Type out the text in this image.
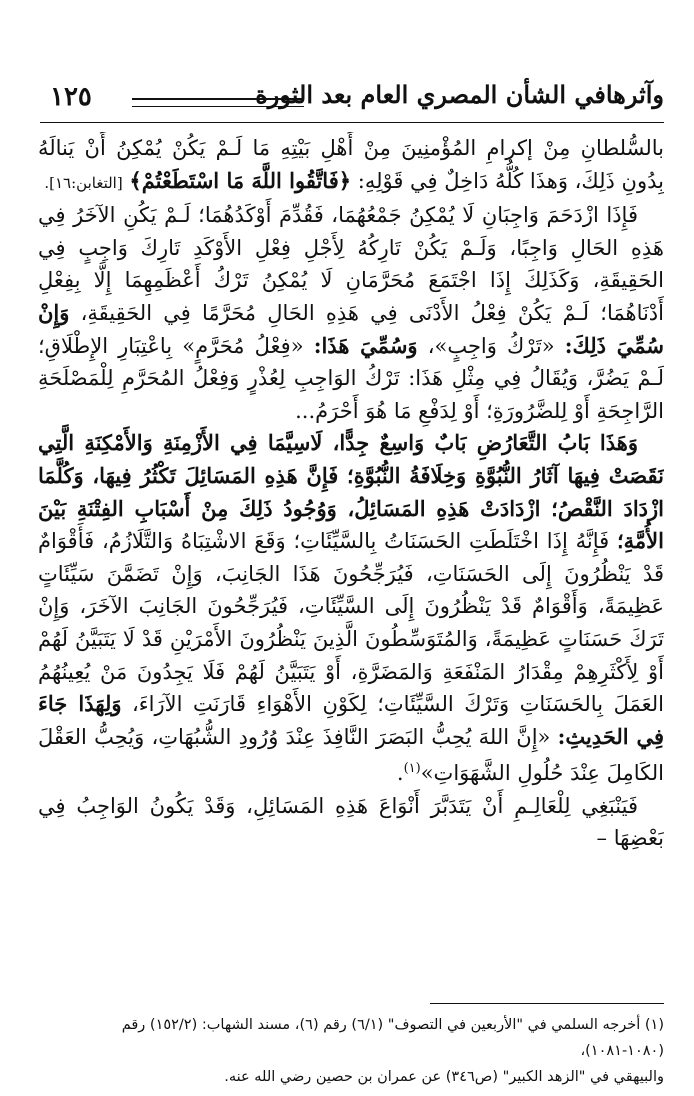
وآثرهافي الشأن المصري العام بعد الثورة
١٢٥

بالسُّلطانِ مِنْ إكرامِ المُؤْمنِينَ مِنْ أَهْلِ بَيْتِهِ مَا لَـمْ يَكُنْ يُمْكِنُ أَنْ يَنالَهُ بِدُونِ ذَلِكَ، وَهذَا كُلُّهُ دَاخِلٌ فِي قَوْلِهِ: ﴿فَاتَّقُوا اللَّهَ مَا اسْتَطَعْتُمْ﴾ [التغابن:١٦].

فَإِذَا ازْدَحَمَ وَاجِبَانِ لَا يُمْكِنُ جَمْعُهُمَا، فَقُدِّمَ أَوْكَدُهُمَا؛ لَـمْ يَكُنِ الآخَرُ فِي هَذِهِ الحَالِ وَاجِبًا، وَلَـمْ يَكُنْ تَارِكُهُ لِأَجْلِ فِعْلِ الأَوْكَدِ تَارِكَ وَاجِبٍ فِي الحَقِيقَةِ، وَكَذَلِكَ إِذَا اجْتَمَعَ مُحَرَّمَانِ لَا يُمْكِنُ تَرْكُ أَعْظَمِهِمَا إِلَّا بِفِعْلِ أَدْنَاهُمَا؛ لَـمْ يَكُنْ فِعْلُ الأَدْنَى فِي هَذِهِ الحَالِ مُحَرَّمًا فِي الحَقِيقَةِ، وَإِنْ سُمِّيَ ذَلِكَ: «تَرْكُ وَاجِبٍ»، وَسُمِّيَ هَذَا: «فِعْلُ مُحَرَّمٍ» بِاعْتِبَارِ الإِطْلَاقِ؛ لَـمْ يَضُرَّ، وَيُقَالُ فِي مِثْلِ هَذَا: تَرْكُ الوَاجِبِ لِعُذْرٍ وَفِعْلُ المُحَرَّمِ لِلْمَصْلَحَةِ الرَّاجِحَةِ أَوْ لِلضَّرُورَةِ؛ أَوْ لِدَفْعِ مَا هُوَ أَحْرَمُ...

وَهَذَا بَابُ التَّعَارُضِ بَابٌ وَاسِعٌ جِدًّا، لَاسِيَّمَا فِي الأَزْمِنَةِ وَالأَمْكِنَةِ الَّتِي نَقَصَتْ فِيهَا آثَارُ النُّبُوَّةِ وَخِلَافَةُ النُّبُوَّةِ؛ فَإِنَّ هَذِهِ المَسَائِلَ تَكْثُرُ فِيهَا، وَكُلَّمَا ازْدَادَ النَّقْصُ؛ ازْدَادَتْ هَذِهِ المَسَائِلُ، وَوُجُودُ ذَلِكَ مِنْ أَسْبَابِ الفِتْنَةِ بَيْنَ الأُمَّةِ؛ فَإِنَّهُ إِذَا اخْتَلَطَتِ الحَسَنَاتُ بِالسَّيِّئَاتِ؛ وَقَعَ الاشْتِبَاهُ وَالتَّلَازُمُ، فَأَقْوَامٌ قَدْ يَنْظُرُونَ إِلَى الحَسَنَاتِ، فَيُرَجِّحُونَ هَذَا الجَانِبَ، وَإِنْ تَضَمَّنَ سَيِّئَاتٍ عَظِيمَةً، وَأَقْوَامٌ قَدْ يَنْظُرُونَ إِلَى السَّيِّئَاتِ، فَيُرَجِّحُونَ الجَانِبَ الآخَرَ، وَإِنْ تَرَكَ حَسَنَاتٍ عَظِيمَةً، وَالمُتَوَسِّطُونَ الَّذِينَ يَنْظُرُونَ الأَمْرَيْنِ قَدْ لَا يَتَبَيَّنُ لَهُمْ أَوْ لِأَكْثَرِهِمْ مِقْدَارُ المَنْفَعَةِ وَالمَضَرَّةِ، أَوْ يَتَبَيَّنُ لَهُمْ فَلَا يَجِدُونَ مَنْ يُعِينُهُمُ العَمَلَ بِالحَسَنَاتِ وَتَرْكَ السَّيِّئَاتِ؛ لِكَوْنِ الأَهْوَاءِ قَارَنَتِ الآرَاءَ، وَلِهَذَا جَاءَ فِي الحَدِيثِ: «إِنَّ اللهَ يُحِبُّ البَصَرَ النَّافِذَ عِنْدَ وُرُودِ الشُّبُهَاتِ، وَيُحِبُّ العَقْلَ الكَامِلَ عِنْدَ حُلُولِ الشَّهَوَاتِ»$^{(١)}$.

فَيَنْبَغِي لِلْعَالِـمِ أَنْ يَتَدَبَّرَ أَنْوَاعَ هَذِهِ المَسَائِلِ، وَقَدْ يَكُونُ الوَاجِبُ فِي بَعْضِهَا –

(١) أخرجه السلمي في "الأربعين في التصوف" (٦/١) رقم (٦)، مسند الشهاب: (١٥٢/٢) رقم (١٠٨٠-١٠٨١)،

والبيهقي في "الزهد الكبير" (ص٣٤٦) عن عمران بن حصين رضي الله عنه.
